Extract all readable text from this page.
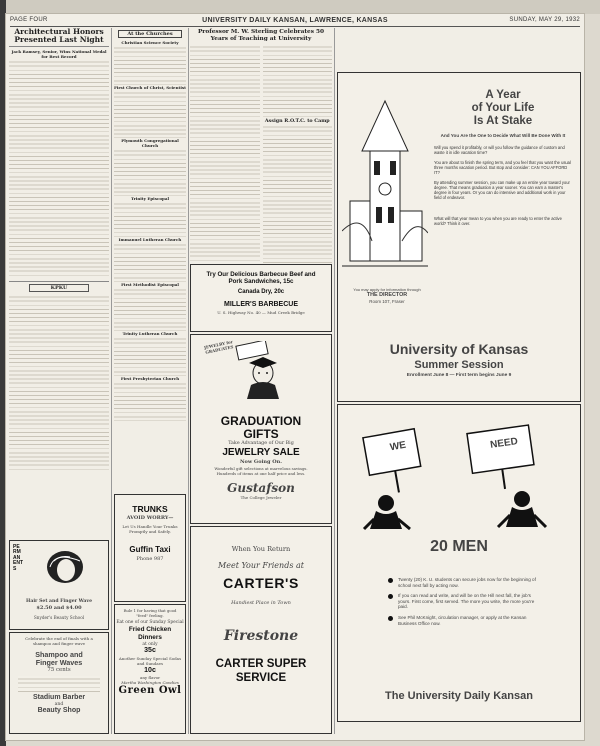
PAGE FOUR	UNIVERSITY DAILY KANSAN, LAWRENCE, KANSAS	SUNDAY, MAY 29, 1932
Architectural Honors Presented Last Night
Jack Ramsey, Senior, Wins National Medal for Best Record
KPKU
PERMANENTS
Hair Set and Finger Wave
$2.50 and $4.00
Snyder's Beauty School
Celebrate the end of finals with a shampoo and finger wave
Shampoo and
Finger Waves
75 cents
Stadium Barber
and
Beauty Shop
At the Churches
Christian Science Society
First Church of Christ, Scientist
Plymouth Congregational Church
Trinity Episcopal
Immanuel Lutheran Church
First Methodist Episcopal
Trinity Lutheran Church
First Presbyterian Church
TRUNKS
AVOID WORRY—
Let Us Handle Your Trunks Promptly and Safely.
Guffin Taxi
Phone 987
Rule 1 for having that good "feed" feeling.
Eat one of our Sunday Special
Fried Chicken Dinners
at only
35c
Another Sunday Special Sodas and Sundaes
10c
any flavor
Martha Washington Candies
Green Owl
Professor M. W. Sterling Celebrates 50 Years of Teaching at University
Assign R.O.T.C. to Camp
Try Our Delicious Barbecue Beef and Pork Sandwiches, 15c
Canada Dry, 20c
MILLER'S BARBECUE
U. S. Highway No. 40 — Mud Creek Bridge
JEWELRY for GRADUATES
GRADUATION
GIFTS
Take Advantage of Our Big
JEWELRY SALE
Now Going On.
Wonderful gift selections at marvelous savings.
Hundreds of items at one half price and less.
Gustafson
The College Jeweler
When You Return
Meet Your Friends at
CARTER'S
Handiest Place in Town
Firestone
CARTER SUPER
SERVICE
A Year
of Your Life
Is At Stake
And You Are the One to Decide What Will Be Done With It
Will you spend it profitably, or will you follow the guidance of custom and waste it in idle vacation time?
You are about to finish the spring term, and you feel that you want the usual three months vacation period. But stop and consider: CAN YOU AFFORD IT?
By attending summer session, you can make up an entire year toward your degree. That means graduation a year sooner. You can earn a master's degree in four years. Or you can do intensive and additional work in your field of endeavor.
What will that year mean to you when you are ready to enter the active world? Think it over.
You may apply for information through
THE DIRECTOR
Room 107, Fraser
University of Kansas
Summer Session
Enrollment June 8 — First term begins June 9
WE	NEED
20 MEN
Twenty (20) K. U. students can secure jobs now for the beginning of school next fall by acting now.
If you can read and write, and will be on the Hill next fall, the job's yours. First come, first served. The more you write, the more you're paid.
See Phil McKnight, circulation manager, or apply at the Kansan Business Office now.
The University Daily Kansan
